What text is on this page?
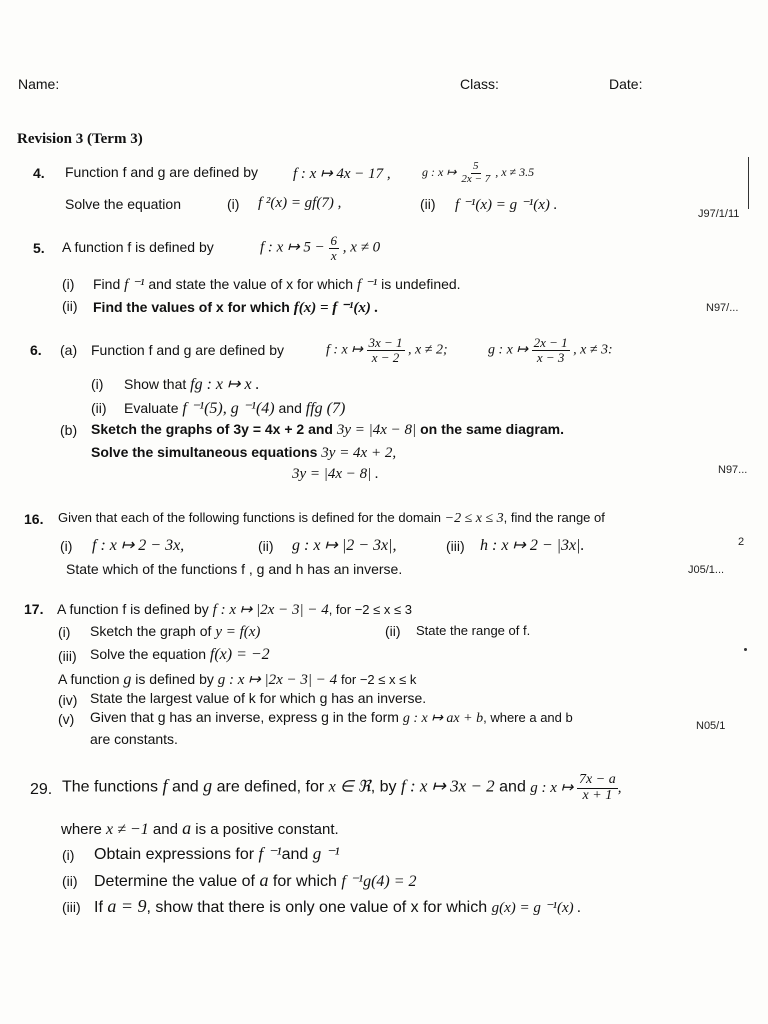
Name:	Class:	Date:
Revision 3 (Term 3)
4. Function f and g are defined by f : x ↦ 4x − 17 ,	g : x ↦ $\frac{5}{2x - 7}$ , x ≠ 3.5
Solve the equation	(i) f ²(x) = gf(7) ,	(ii) f ⁻¹(x) = g ⁻¹(x) .
J97/1/11
5. A function f is defined by	f : x ↦ $5 - \frac{6}{x}$ , x ≠ 0
(i) Find f ⁻¹ and state the value of x for which f ⁻¹ is undefined.
(ii) Find the values of x for which f(x) = f ⁻¹(x) .	N97/...
6. (a) Function f and g are defined by	f : x ↦ $\frac{3x - 1}{x - 2}$ , x ≠ 2;	g : x ↦ $\frac{2x - 1}{x - 3}$ , x ≠ 3:
(i) Show that fg : x ↦ x .
(ii) Evaluate f ⁻¹(5), g ⁻¹(4) and ffg (7)
(b) Sketch the graphs of 3y = 4x + 2 and 3y = |4x − 8| on the same diagram.
Solve the simultaneous equations 3y = 4x + 2,
3y = |4x − 8| .	N97...
16. Given that each of the following functions is defined for the domain −2 ≤ x ≤ 3, find the range of
(i) f : x ↦ 2 − 3x,	(ii) g : x ↦ |2 − 3x|,	(iii) h : x ↦ 2 − |3x|.	2
State which of the functions f , g and h has an inverse.	J05/1...
17. A function f is defined by f : x ↦ |2x − 3| − 4, for −2 ≤ x ≤ 3
(i) Sketch the graph of y = f(x)	(ii) State the range of f.
(iii) Solve the equation f(x) = −2
A function g is defined by g : x ↦ |2x − 3| − 4 for −2 ≤ x ≤ k
(iv) State the largest value of k for which g has an inverse.
(v) Given that g has an inverse, express g in the form g : x ↦ ax + b, where a and b
are constants.
N05/1
29. The functions f and g are defined, for x ∈ ℜ, by f : x ↦ 3x − 2 and g : x ↦ $\frac{7x - a}{x + 1}$ ,
where x ≠ −1 and a is a positive constant.
(i) Obtain expressions for f ⁻¹and g ⁻¹
(ii) Determine the value of a for which f ⁻¹g(4) = 2
(iii) If a = 9, show that there is only one value of x for which g(x) = g ⁻¹(x) .
